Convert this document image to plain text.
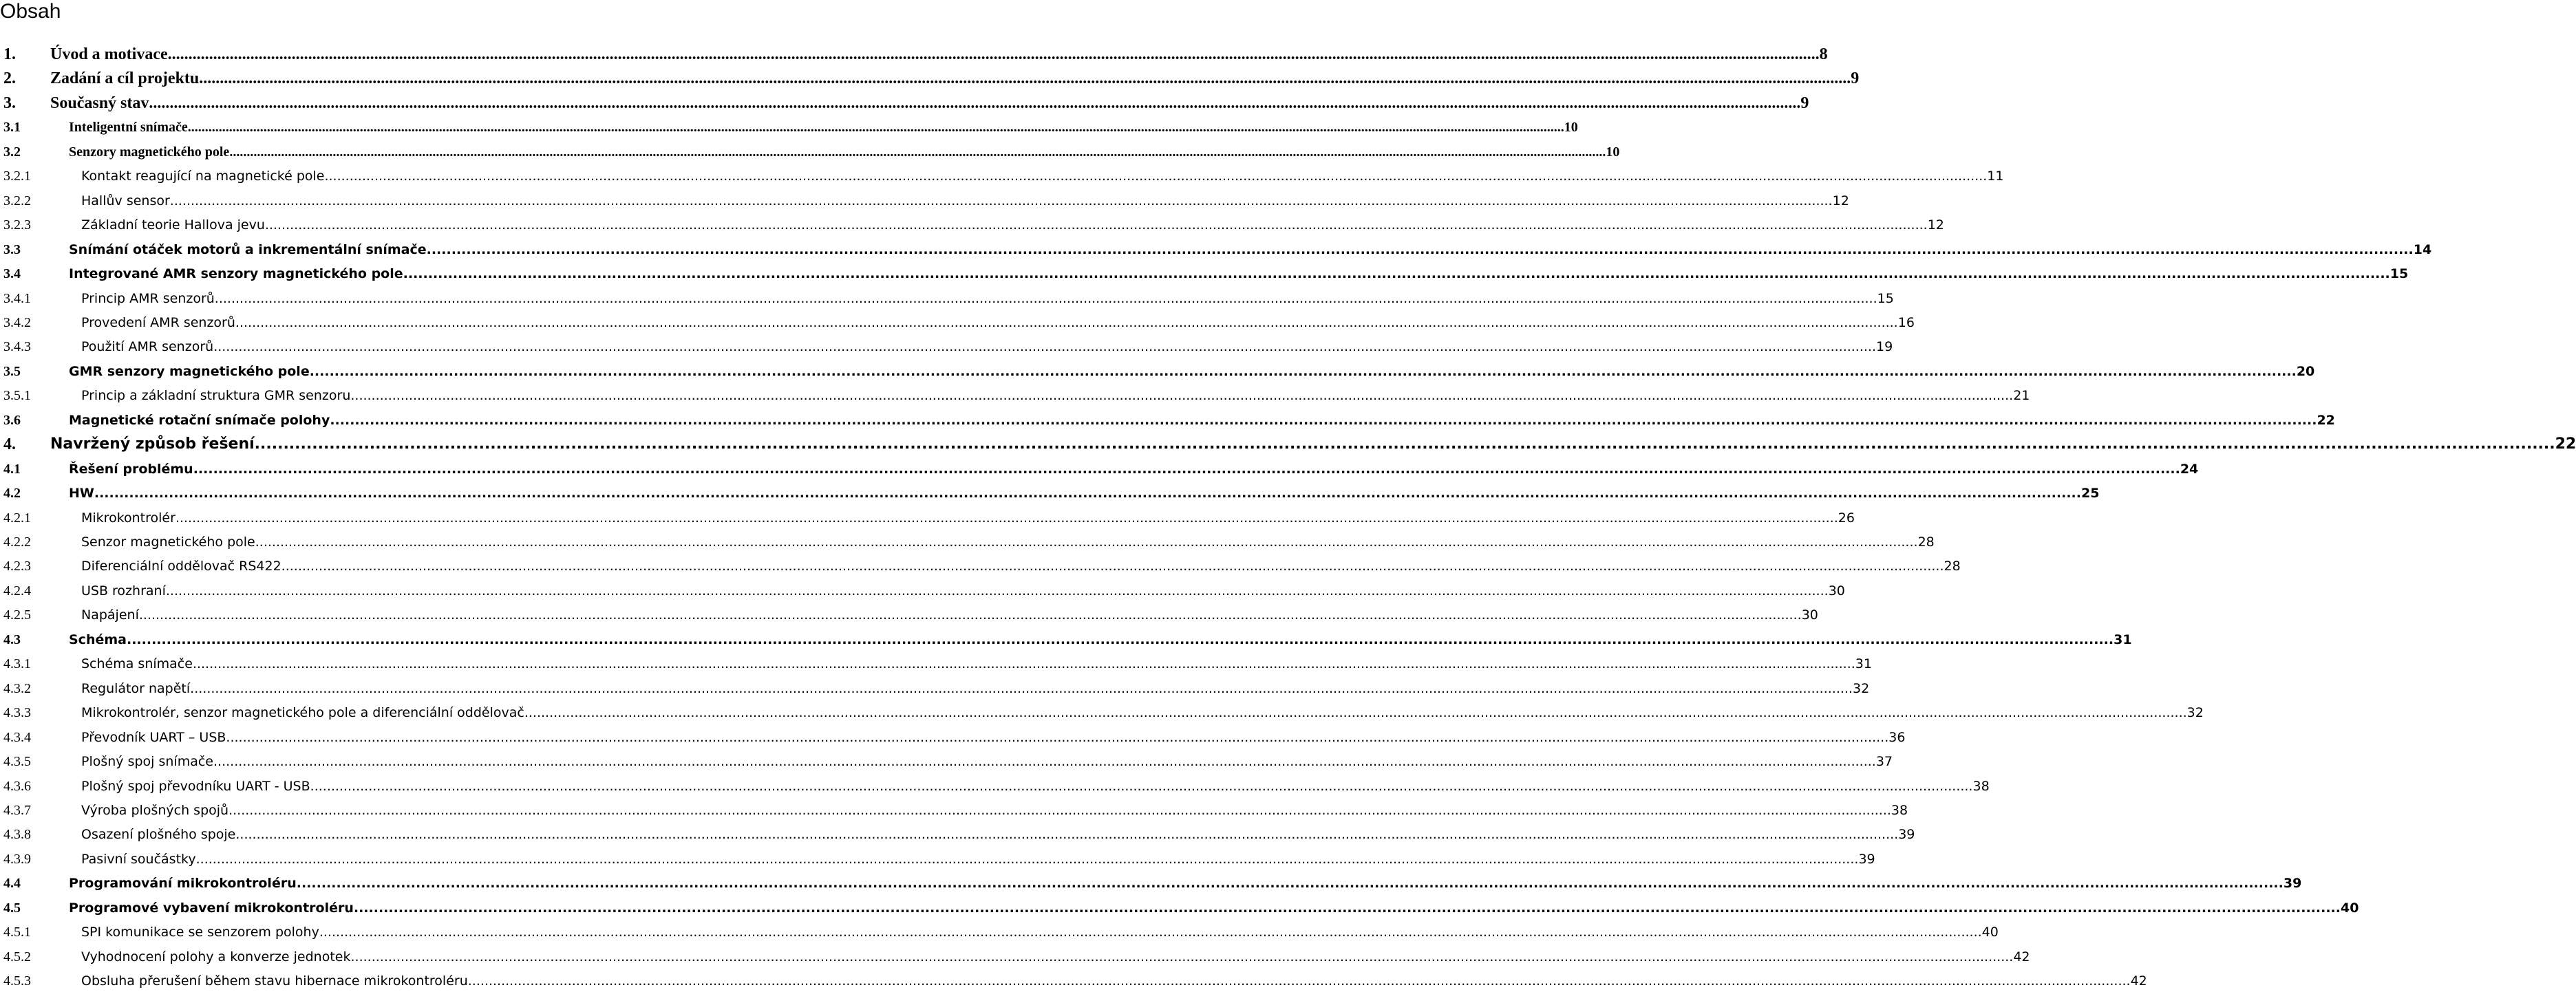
Obsah
1. Úvod a motivace ................................................................................................................................................................................................................................................................................................................................................................................................................ 8
2. Zadání a cíl projektu ................................................................................................................................................................................................................................................................................................................................................................................................................ 9
3. Současný stav ................................................................................................................................................................................................................................................................................................................................................................................................................ 9
3.1	Inteligentní snímače ................................................................................................................................................................................................................................................................................................................................................................................................................ 10
3.2	Senzory magnetického pole ................................................................................................................................................................................................................................................................................................................................................................................................................ 10
3.2.1	Kontakt reagující na magnetické pole ................................................................................................................................................................................................................................................................................................................................................................................................................ 11
3.2.2	Hallův sensor ................................................................................................................................................................................................................................................................................................................................................................................................................ 12
3.2.3	Základní teorie Hallova jevu ................................................................................................................................................................................................................................................................................................................................................................................................................ 12
3.3	Snímání otáček motorů a inkrementální snímače ................................................................................................................................................................................................................................................................................................................................................................................................................ 14
3.4	Integrované AMR senzory magnetického pole ................................................................................................................................................................................................................................................................................................................................................................................................................ 15
3.4.1	Princip AMR senzorů ................................................................................................................................................................................................................................................................................................................................................................................................................ 15
3.4.2	Provedení AMR senzorů ................................................................................................................................................................................................................................................................................................................................................................................................................ 16
3.4.3	Použití AMR senzorů ................................................................................................................................................................................................................................................................................................................................................................................................................ 19
3.5	GMR senzory magnetického pole ................................................................................................................................................................................................................................................................................................................................................................................................................ 20
3.5.1	Princip a základní struktura GMR senzoru ................................................................................................................................................................................................................................................................................................................................................................................................................ 21
3.6	Magnetické rotační snímače polohy ................................................................................................................................................................................................................................................................................................................................................................................................................ 22
4. Navržený způsob řešení ................................................................................................................................................................................................................................................................................................................................................................................................................ 22
4.1	Řešení problému ................................................................................................................................................................................................................................................................................................................................................................................................................ 24
4.2	HW ................................................................................................................................................................................................................................................................................................................................................................................................................ 25
4.2.1	Mikrokontrolér ................................................................................................................................................................................................................................................................................................................................................................................................................ 26
4.2.2	Senzor magnetického pole ................................................................................................................................................................................................................................................................................................................................................................................................................ 28
4.2.3	Diferenciální oddělovač RS422 ................................................................................................................................................................................................................................................................................................................................................................................................................ 28
4.2.4	USB rozhraní ................................................................................................................................................................................................................................................................................................................................................................................................................ 30
4.2.5	Napájení ................................................................................................................................................................................................................................................................................................................................................................................................................ 30
4.3	Schéma ................................................................................................................................................................................................................................................................................................................................................................................................................ 31
4.3.1	Schéma snímače ................................................................................................................................................................................................................................................................................................................................................................................................................ 31
4.3.2	Regulátor napětí ................................................................................................................................................................................................................................................................................................................................................................................................................ 32
4.3.3	Mikrokontrolér, senzor magnetického pole a diferenciální oddělovač ................................................................................................................................................................................................................................................................................................................................................................................................................ 32
4.3.4	Převodník UART – USB ................................................................................................................................................................................................................................................................................................................................................................................................................ 36
4.3.5	Plošný spoj snímače ................................................................................................................................................................................................................................................................................................................................................................................................................ 37
4.3.6	Plošný spoj převodníku UART - USB ................................................................................................................................................................................................................................................................................................................................................................................................................ 38
4.3.7	Výroba plošných spojů ................................................................................................................................................................................................................................................................................................................................................................................................................ 38
4.3.8	Osazení plošného spoje ................................................................................................................................................................................................................................................................................................................................................................................................................ 39
4.3.9	Pasivní součástky ................................................................................................................................................................................................................................................................................................................................................................................................................ 39
4.4	Programování mikrokontroléru ................................................................................................................................................................................................................................................................................................................................................................................................................ 39
4.5	Programové vybavení mikrokontroléru ................................................................................................................................................................................................................................................................................................................................................................................................................ 40
4.5.1	SPI komunikace se senzorem polohy ................................................................................................................................................................................................................................................................................................................................................................................................................ 40
4.5.2	Vyhodnocení polohy a konverze jednotek ................................................................................................................................................................................................................................................................................................................................................................................................................ 42
4.5.3	Obsluha přerušení během stavu hibernace mikrokontroléru ................................................................................................................................................................................................................................................................................................................................................................................................................ 42
